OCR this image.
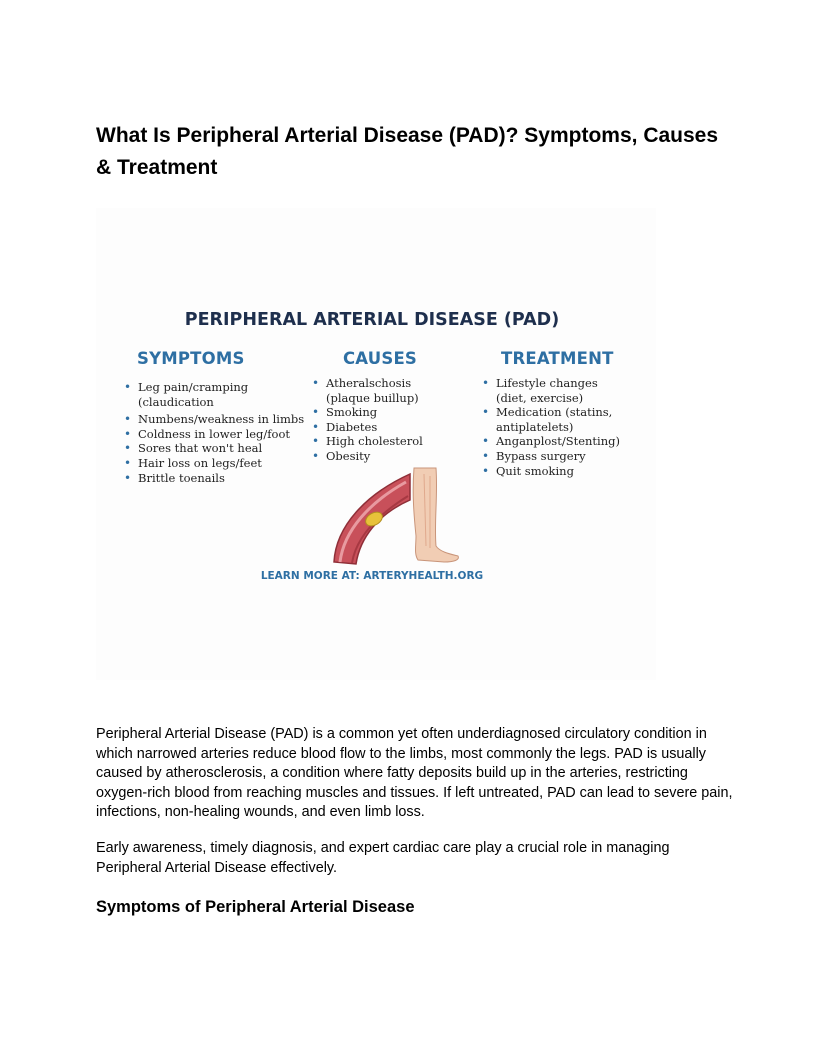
What Is Peripheral Arterial Disease (PAD)? Symptoms, Causes & Treatment
PERIPHERAL ARTERIAL DISEASE (PAD)
SYMPTOMS	CAUSES	TREATMENT
• Leg pain/cramping (claudication
• Numbens/weakness in limbs
• Coldness in lower leg/foot
• Sores that won't heal
• Hair loss on legs/feet
• Brittle toenails
• Atheralschosis (plaque buillup)
• Smoking
• Diabetes
• High cholesterol
• Obesity
• Lifestyle changes (diet, exercise)
• Medication (statins, antiplatelets)
• Anganplost/Stenting)
• Bypass surgery
• Quit smoking
LEARN MORE AT: ARTERYHEALTH.ORG

Peripheral Arterial Disease (PAD) is a common yet often underdiagnosed circulatory condition in which narrowed arteries reduce blood flow to the limbs, most commonly the legs. PAD is usually caused by atherosclerosis, a condition where fatty deposits build up in the arteries, restricting oxygen-rich blood from reaching muscles and tissues. If left untreated, PAD can lead to severe pain, infections, non-healing wounds, and even limb loss.

Early awareness, timely diagnosis, and expert cardiac care play a crucial role in managing Peripheral Arterial Disease effectively.

Symptoms of Peripheral Arterial Disease
